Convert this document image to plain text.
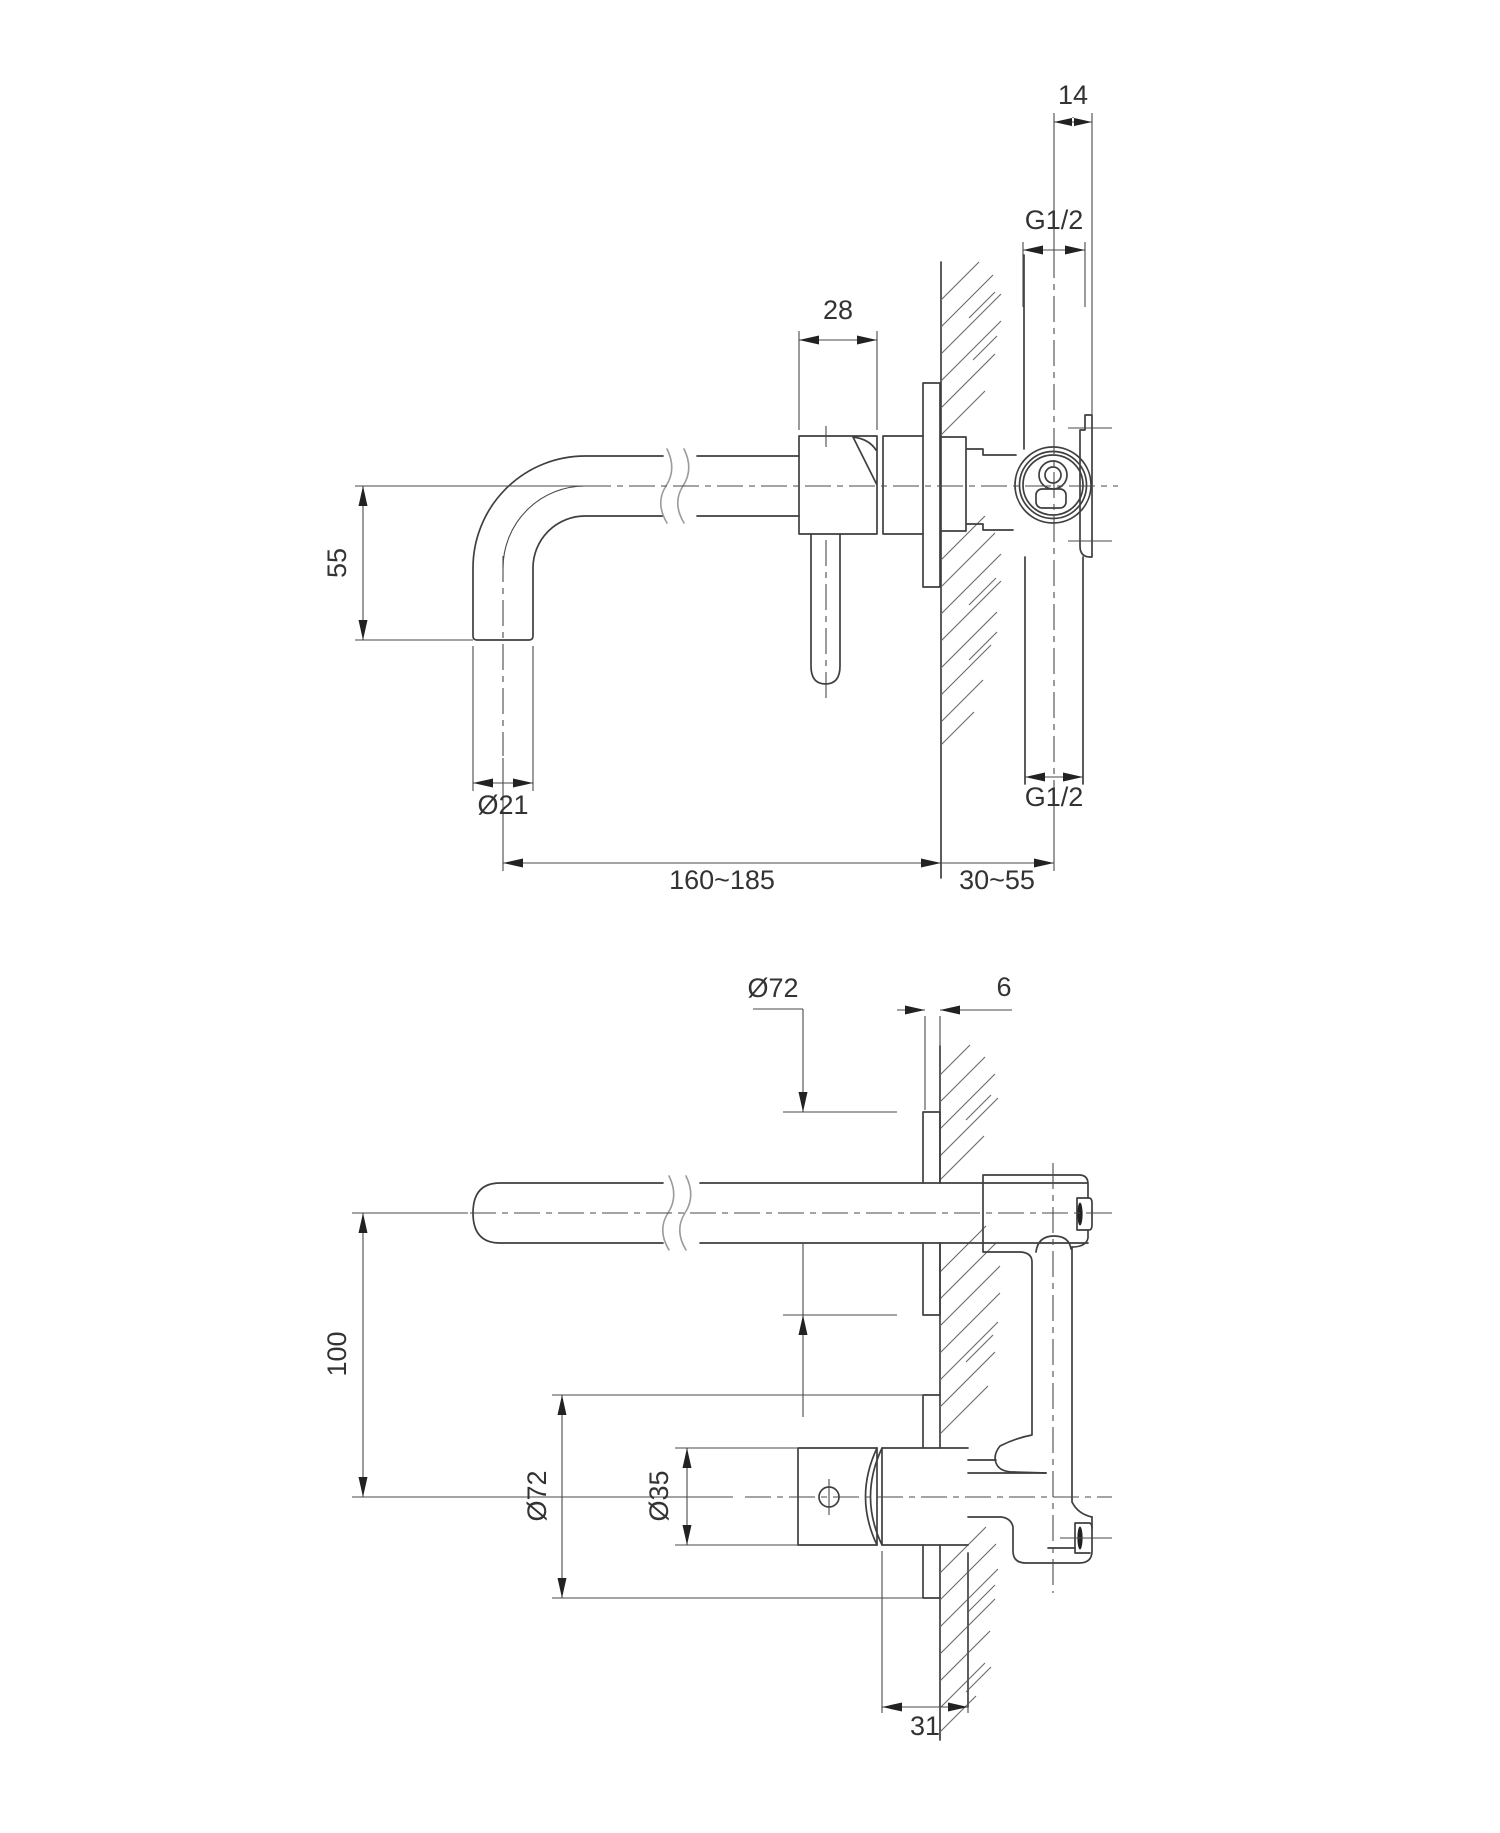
14
G1/2
28
55
Ø21
160~185	30~55
G1/2
Ø72	6
100
Ø72	Ø35
31
